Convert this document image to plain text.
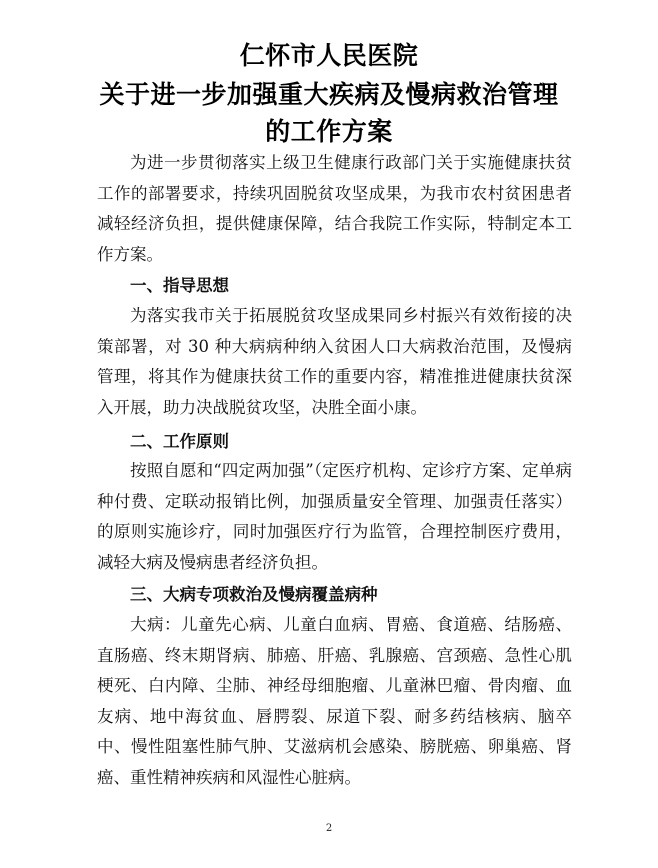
仁怀市人民医院
关于进一步加强重大疾病及慢病救治管理
的工作方案

为进一步贯彻落实上级卫生健康行政部门关于实施健康扶贫工作的部署要求，持续巩固脱贫攻坚成果，为我市农村贫困患者减轻经济负担，提供健康保障，结合我院工作实际，特制定本工作方案。

一、指导思想

为落实我市关于拓展脱贫攻坚成果同乡村振兴有效衔接的决策部署，对 30 种大病病种纳入贫困人口大病救治范围，及慢病管理，将其作为健康扶贫工作的重要内容，精准推进健康扶贫深入开展，助力决战脱贫攻坚，决胜全面小康。

二、工作原则

按照自愿和“四定两加强”（定医疗机构、定诊疗方案、定单病种付费、定联动报销比例，加强质量安全管理、加强责任落实）的原则实施诊疗，同时加强医疗行为监管，合理控制医疗费用，减轻大病及慢病患者经济负担。

三、大病专项救治及慢病覆盖病种

大病：儿童先心病、儿童白血病、胃癌、食道癌、结肠癌、直肠癌、终末期肾病、肺癌、肝癌、乳腺癌、宫颈癌、急性心肌梗死、白内障、尘肺、神经母细胞瘤、儿童淋巴瘤、骨肉瘤、血友病、地中海贫血、唇腭裂、尿道下裂、耐多药结核病、脑卒中、慢性阻塞性肺气肿、艾滋病机会感染、膀胱癌、卵巢癌、肾癌、重性精神疾病和风湿性心脏病。

2
